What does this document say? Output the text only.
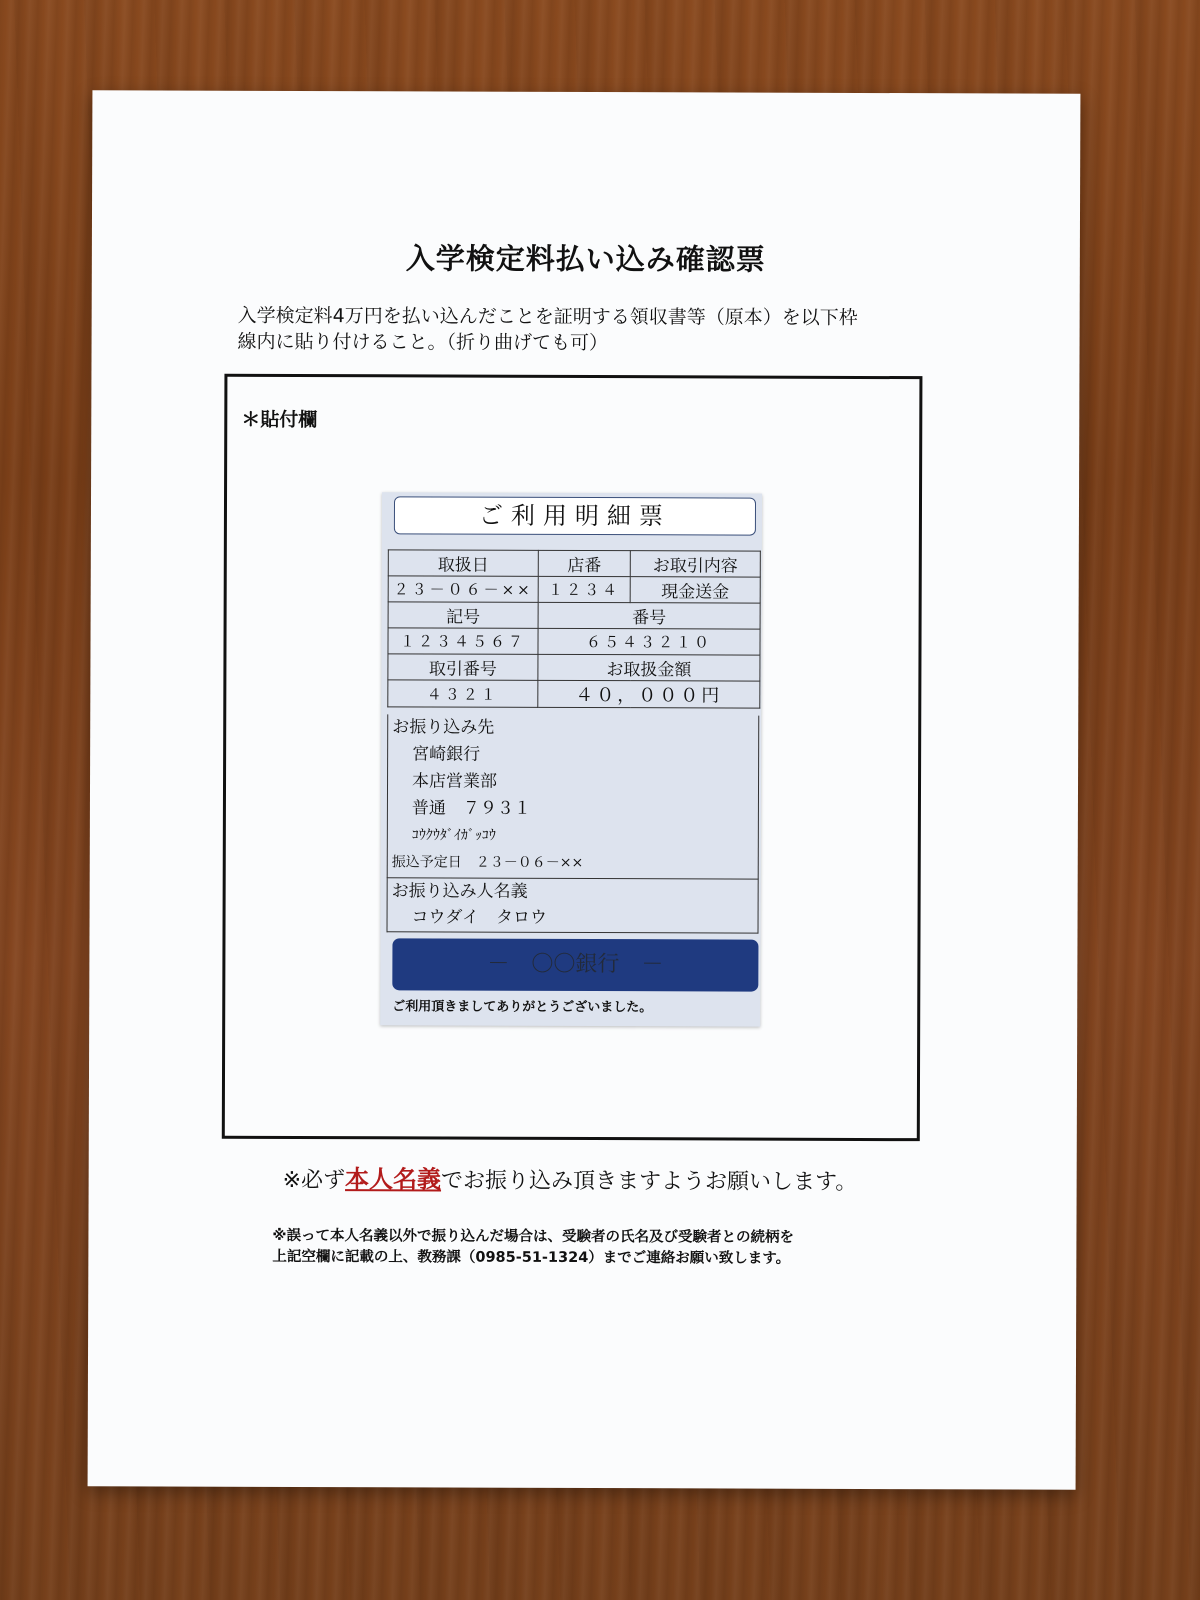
入学検定料払い込み確認票
入学検定料4万円を払い込んだことを証明する領収書等（原本）を以下枠
線内に貼り付けること。（折り曲げても可）
＊貼付欄
ご利用明細票
取扱日	店番	お取引内容
２３－０６－××	１２３４	現金送金
記号	番号	
１２３４５６７	６５４３２１０	
取引番号	お取扱金額	
４３２１	４０，０００円	
お振り込み先
宮崎銀行
本店営業部
普通　７９３１
ｺｳｸｳﾀﾞｲｶﾞｯｺｳ
振込予定日　２３－０６－××
お振り込み人名義
コウダイ　タロウ
－　〇〇銀行　－
ご利用頂きましてありがとうございました。
※必ず本人名義でお振り込み頂きますようお願いします。
※誤って本人名義以外で振り込んだ場合は、受験者の氏名及び受験者との続柄を
上記空欄に記載の上、教務課（0985-51-1324）までご連絡お願い致します。
